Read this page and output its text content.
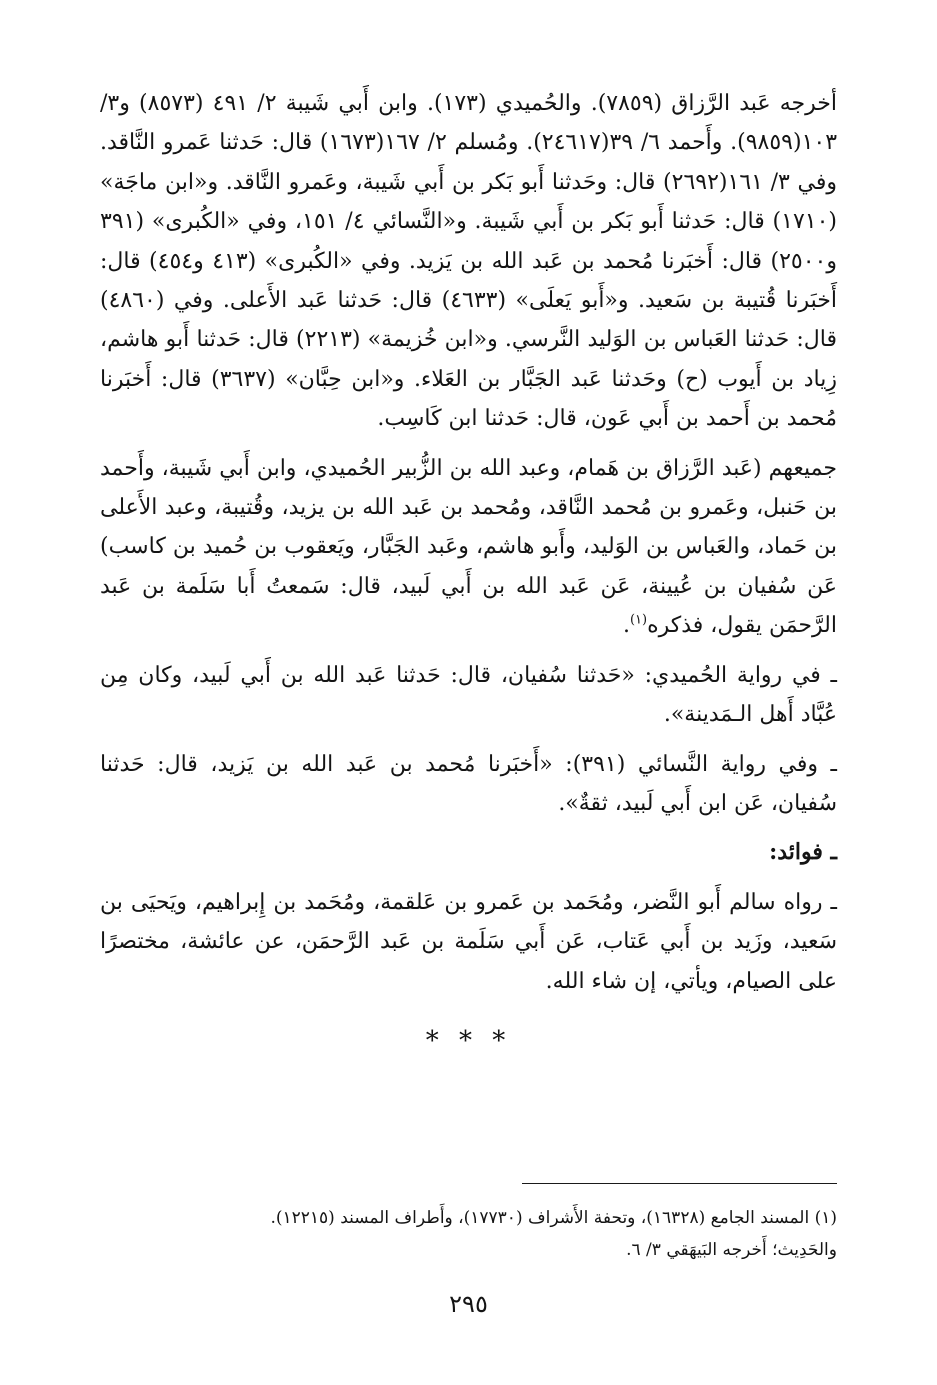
أخرجه عَبد الرَّزاق (٧٨٥٩). والحُميدي (١٧٣). وابن أَبي شَيبة ٢/ ٤٩١ (٨٥٧٣) و٣/ ١٠٣(٩٨٥٩). وأَحمد ٦/ ٣٩(٢٤٦١٧). ومُسلم ٢/ ١٦٧(١٦٧٣) قال: حَدثنا عَمرو النَّاقد. وفي ٣/ ١٦١(٢٦٩٢) قال: وحَدثنا أَبو بَكر بن أَبي شَيبة، وعَمرو النَّاقد. و«ابن ماجَة» (١٧١٠) قال: حَدثنا أَبو بَكر بن أَبي شَيبة. و«النَّسائي ٤/ ١٥١، وفي «الكُبرى» (٣٩١ و٢٥٠٠) قال: أَخبَرنا مُحمد بن عَبد الله بن يَزيد. وفي «الكُبرى» (٤١٣ و٤٥٤) قال: أَخبَرنا قُتيبة بن سَعيد. و«أَبو يَعلَى» (٤٦٣٣) قال: حَدثنا عَبد الأَعلى. وفي (٤٨٦٠) قال: حَدثنا العَباس بن الوَليد النَّرسي. و«ابن خُزيمة» (٢٢١٣) قال: حَدثنا أَبو هاشم، زِياد بن أَيوب (ح) وحَدثنا عَبد الجَبَّار بن العَلاء. و«ابن حِبَّان» (٣٦٣٧) قال: أَخبَرنا مُحمد بن أَحمد بن أَبي عَون، قال: حَدثنا ابن كَاسِب.

جميعهم (عَبد الرَّزاق بن هَمام، وعبد الله بن الزُّبير الحُميدي، وابن أَبي شَيبة، وأَحمد بن حَنبل، وعَمرو بن مُحمد النَّاقد، ومُحمد بن عَبد الله بن يزيد، وقُتيبة، وعبد الأَعلى بن حَماد، والعَباس بن الوَليد، وأَبو هاشم، وعَبد الجَبَّار، ويَعقوب بن حُميد بن كاسب) عَن سُفيان بن عُيينة، عَن عَبد الله بن أَبي لَبيد، قال: سَمعتُ أَبا سَلَمة بن عَبد الرَّحمَن يقول، فذكره$^{(١)}$.

ـ في رواية الحُميدي: «حَدثنا سُفيان، قال: حَدثنا عَبد الله بن أَبي لَبيد، وكان مِن عُبَّاد أَهل الـمَدينة».

ـ وفي رواية النَّسائي (٣٩١): «أَخبَرنا مُحمد بن عَبد الله بن يَزيد، قال: حَدثنا سُفيان، عَن ابن أَبي لَبيد، ثقةٌ».

ـ فوائد:

ـ رواه سالم أَبو النَّضر، ومُحَمد بن عَمرو بن عَلقمة، ومُحَمد بن إِبراهيم، ويَحيَى بن سَعيد، وزَيد بن أَبي عَتاب، عَن أَبي سَلَمة بن عَبد الرَّحمَن، عن عائشة، مختصرًا على الصيام، ويأتي، إن شاء الله.

* * *

(١) المسند الجامع (١٦٣٢٨)، وتحفة الأَشراف (١٧٧٣٠)، وأَطراف المسند (١٢٢١٥).

والحَدِيث؛ أَخرجه البَيهَقي ٣/ ٦.

٢٩٥
